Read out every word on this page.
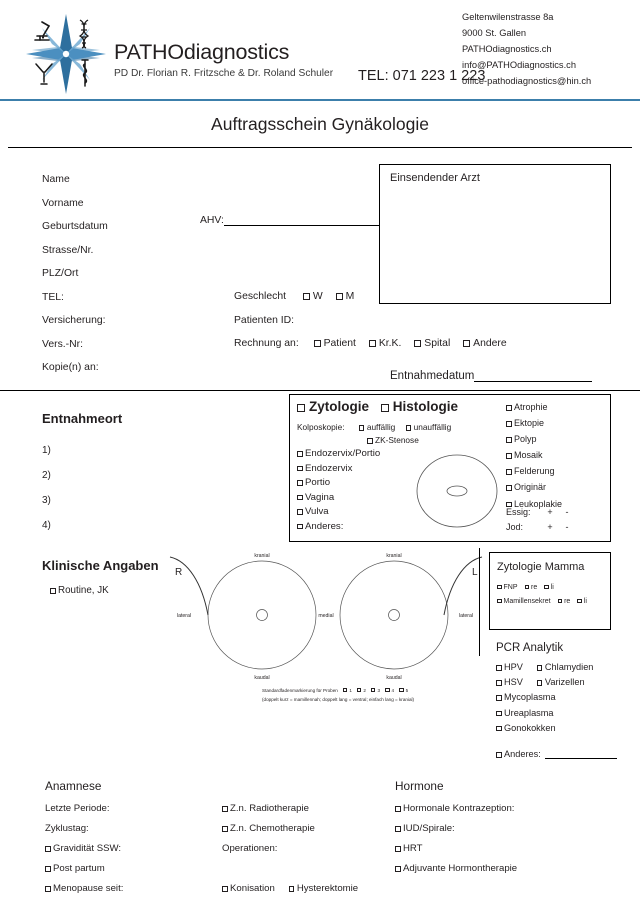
PATHOdiagnostics
PD Dr. Florian R. Fritzsche & Dr. Roland Schuler	TEL: 071 223 1 223
Geltenwilenstrasse 8a
9000 St. Gallen
PATHOdiagnostics.ch
info@PATHOdiagnostics.ch
office-pathodiagnostics@hin.ch
Auftragsschein Gynäkologie
Name
Vorname
Geburtsdatum
Strasse/Nr.
PLZ/Ort
TEL:
Versicherung:
Vers.-Nr:
Kopie(n) an:
AHV:
Geschlecht	W M
Patienten ID:
Rechnung an: Patient Kr.K. Spital Andere
Einsendender Arzt
Entnahmedatum
Zytologie Histologie
Kolposkopie:	auffällig unauffällig
ZK-Stenose
Endozervix/Portio
Endozervix
Portio
Vagina
Vulva
Anderes:
Atrophie
Ektopie
Polyp
Mosaik
Felderung
Originär
Leukoplakie
Essig: + -
Jod:	+ -
Entnahmeort
1)
2)
3)
4)
Klinische Angaben
Routine, JK
kranial
kaudal
kranial
kaudal
lateral	medial	lateral
R	L
Standardfadenmarkierung für Proben	1	2	3	4	5
(doppelt kurz = mamillennah; doppelt lang = ventral; einfach lang = kranial)
Zytologie Mamma
FNP re li
Mamillensekret re li
PCR Analytik
HPV Chlamydien
HSV Varizellen
Mycoplasma
Ureaplasma
Gonokokken
Anderes:
Anamnese
Letzte Periode:
Zyklustag:
Gravidität SSW:
Post partum
Menopause seit:
Z.n. Radiotherapie
Z.n. Chemotherapie
Operationen:

Konisation Hysterektomie
Hormone
Hormonale Kontrazeption:
IUD/Spirale:
HRT
Adjuvante Hormontherapie
